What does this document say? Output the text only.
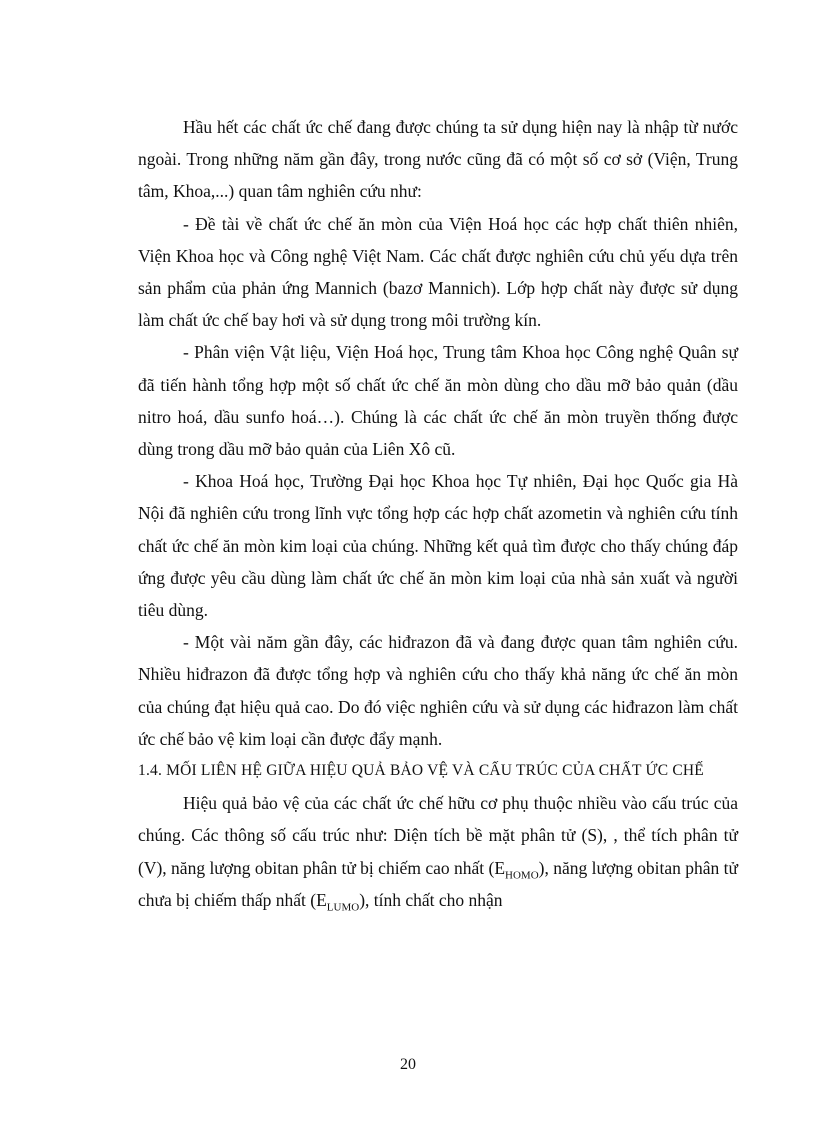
Hầu hết các chất ức chế đang được chúng ta sử dụng hiện nay là nhập từ nước ngoài. Trong những năm gần đây, trong nước cũng đã có một số cơ sở (Viện, Trung tâm, Khoa,...) quan tâm nghiên cứu như:

- Đề tài về chất ức chế ăn mòn của Viện Hoá học các hợp chất thiên nhiên, Viện Khoa học và Công nghệ Việt Nam. Các chất được nghiên cứu chủ yếu dựa trên sản phẩm của phản ứng Mannich (bazơ Mannich). Lớp hợp chất này được sử dụng làm chất ức chế bay hơi và sử dụng trong môi trường kín.

- Phân viện Vật liệu, Viện Hoá học, Trung tâm Khoa học Công nghệ Quân sự đã tiến hành tổng hợp một số chất ức chế ăn mòn dùng cho dầu mỡ bảo quản (dầu nitro hoá, dầu sunfo hoá…). Chúng là các chất ức chế ăn mòn truyền thống được dùng trong dầu mỡ bảo quản của Liên Xô cũ.

- Khoa Hoá học, Trường Đại học Khoa học Tự nhiên, Đại học Quốc gia Hà Nội đã nghiên cứu trong lĩnh vực tổng hợp các hợp chất azometin và nghiên cứu tính chất ức chế ăn mòn kim loại của chúng. Những kết quả tìm được cho thấy chúng đáp ứng được yêu cầu dùng làm chất ức chế ăn mòn kim loại của nhà sản xuất và người tiêu dùng.

- Một vài năm gần đây, các hiđrazon đã và đang được quan tâm nghiên cứu. Nhiều hiđrazon đã được tổng hợp và nghiên cứu cho thấy khả năng ức chế ăn mòn của chúng đạt hiệu quả cao. Do đó việc nghiên cứu và sử dụng các hiđrazon làm chất ức chế bảo vệ kim loại cần được đẩy mạnh.

1.4. MỐI LIÊN HỆ GIỮA HIỆU QUẢ BẢO VỆ VÀ CẤU TRÚC CỦA CHẤT ỨC CHẾ

Hiệu quả bảo vệ của các chất ức chế hữu cơ phụ thuộc nhiều vào cấu trúc của chúng. Các thông số cấu trúc như: Diện tích bề mặt phân tử (S), , thể tích phân tử (V), năng lượng obitan phân tử bị chiếm cao nhất $(E_{HOMO})$, năng lượng obitan phân tử chưa bị chiếm thấp nhất $(E_{LUMO})$, tính chất cho nhận

20
